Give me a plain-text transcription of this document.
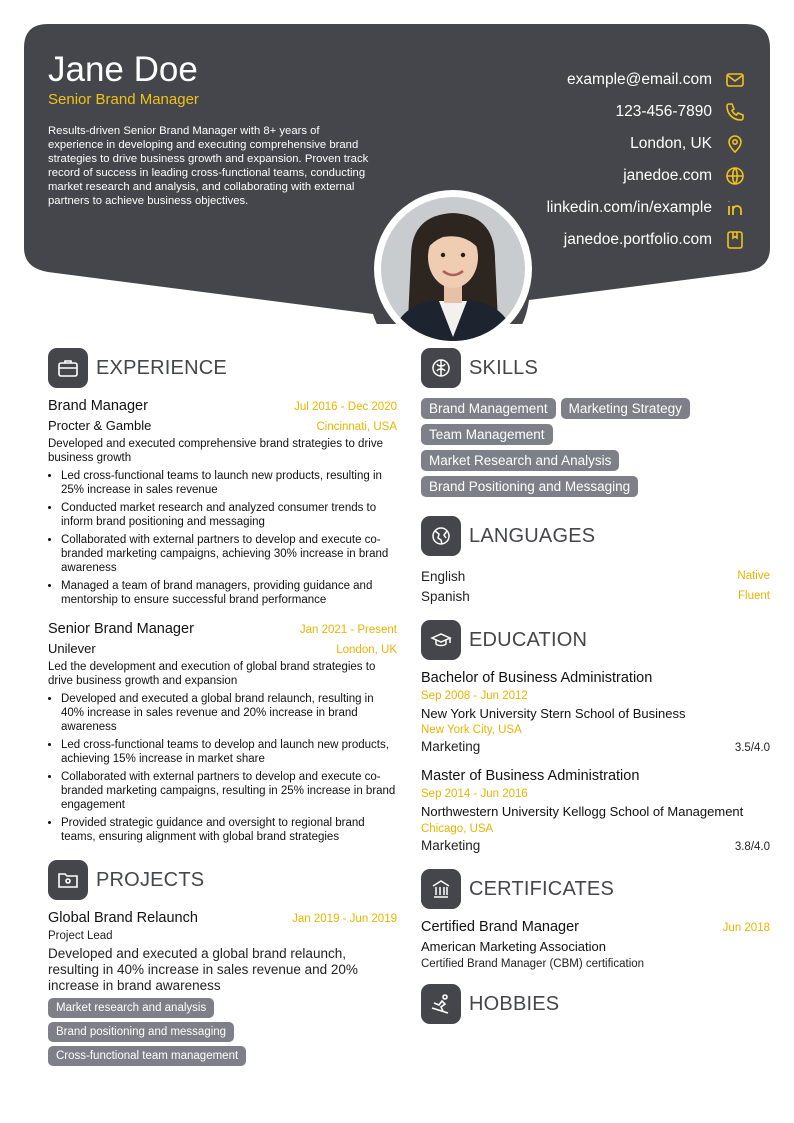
Jane Doe
Senior Brand Manager
Results-driven Senior Brand Manager with 8+ years of experience in developing and executing comprehensive brand strategies to drive business growth and expansion. Proven track record of success in leading cross-functional teams, conducting market research and analysis, and collaborating with external partners to achieve business objectives.
example@email.com
123-456-7890
London, UK
janedoe.com
linkedin.com/in/example
janedoe.portfolio.com
EXPERIENCE
Brand Manager	Jul 2016 - Dec 2020
Procter & Gamble	Cincinnati, USA
Developed and executed comprehensive brand strategies to drive business growth
• Led cross-functional teams to launch new products, resulting in 25% increase in sales revenue
• Conducted market research and analyzed consumer trends to inform brand positioning and messaging
• Collaborated with external partners to develop and execute co-branded marketing campaigns, achieving 30% increase in brand awareness
• Managed a team of brand managers, providing guidance and mentorship to ensure successful brand performance
Senior Brand Manager	Jan 2021 - Present
Unilever	London, UK
Led the development and execution of global brand strategies to drive business growth and expansion
• Developed and executed a global brand relaunch, resulting in 40% increase in sales revenue and 20% increase in brand awareness
• Led cross-functional teams to develop and launch new products, achieving 15% increase in market share
• Collaborated with external partners to develop and execute co-branded marketing campaigns, resulting in 25% increase in brand engagement
• Provided strategic guidance and oversight to regional brand teams, ensuring alignment with global brand strategies
PROJECTS
Global Brand Relaunch	Jan 2019 - Jun 2019
Project Lead
Developed and executed a global brand relaunch, resulting in 40% increase in sales revenue and 20% increase in brand awareness
Market research and analysis
Brand positioning and messaging
Cross-functional team management
SKILLS
Brand Management Marketing Strategy
Team Management
Market Research and Analysis
Brand Positioning and Messaging
LANGUAGES
English	Native
Spanish	Fluent
EDUCATION
Bachelor of Business Administration
Sep 2008 - Jun 2012
New York University Stern School of Business
New York City, USA
Marketing	3.5/4.0
Master of Business Administration
Sep 2014 - Jun 2016
Northwestern University Kellogg School of Management
Chicago, USA
Marketing	3.8/4.0
CERTIFICATES
Certified Brand Manager	Jun 2018
American Marketing Association
Certified Brand Manager (CBM) certification
HOBBIES
